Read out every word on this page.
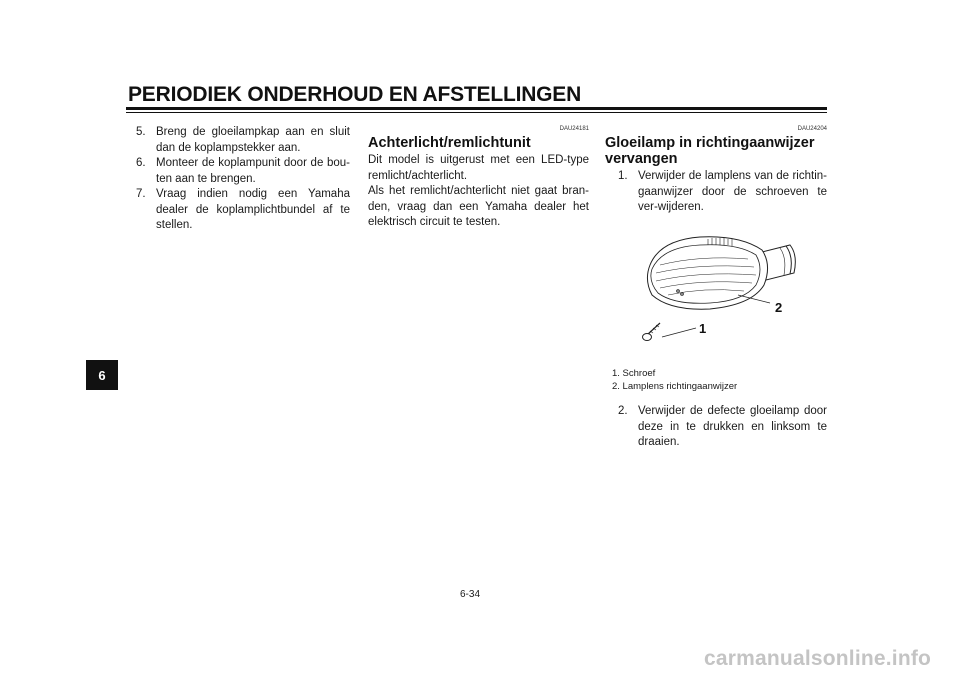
PERIODIEK ONDERHOUD EN AFSTELLINGEN
6
5. Breng de gloeilampkap aan en sluit dan de koplampstekker aan.
6. Monteer de koplampunit door de bou-ten aan te brengen.
7. Vraag indien nodig een Yamaha dealer de koplamplichtbundel af te stellen.
DAU24181
Achterlicht/remlichtunit
Dit model is uitgerust met een LED-type remlicht/achterlicht.
Als het remlicht/achterlicht niet gaat bran-den, vraag dan een Yamaha dealer het elektrisch circuit te testen.
DAU24204
Gloeilamp in richtingaanwijzer vervangen
1. Verwijder de lamplens van de richtin-gaanwijzer door de schroeven te ver-wijderen.
1
2
1. Schroef
2. Lamplens richtingaanwijzer
2. Verwijder de defecte gloeilamp door deze in te drukken en linksom te draaien.
6-34
carmanualsonline.info
